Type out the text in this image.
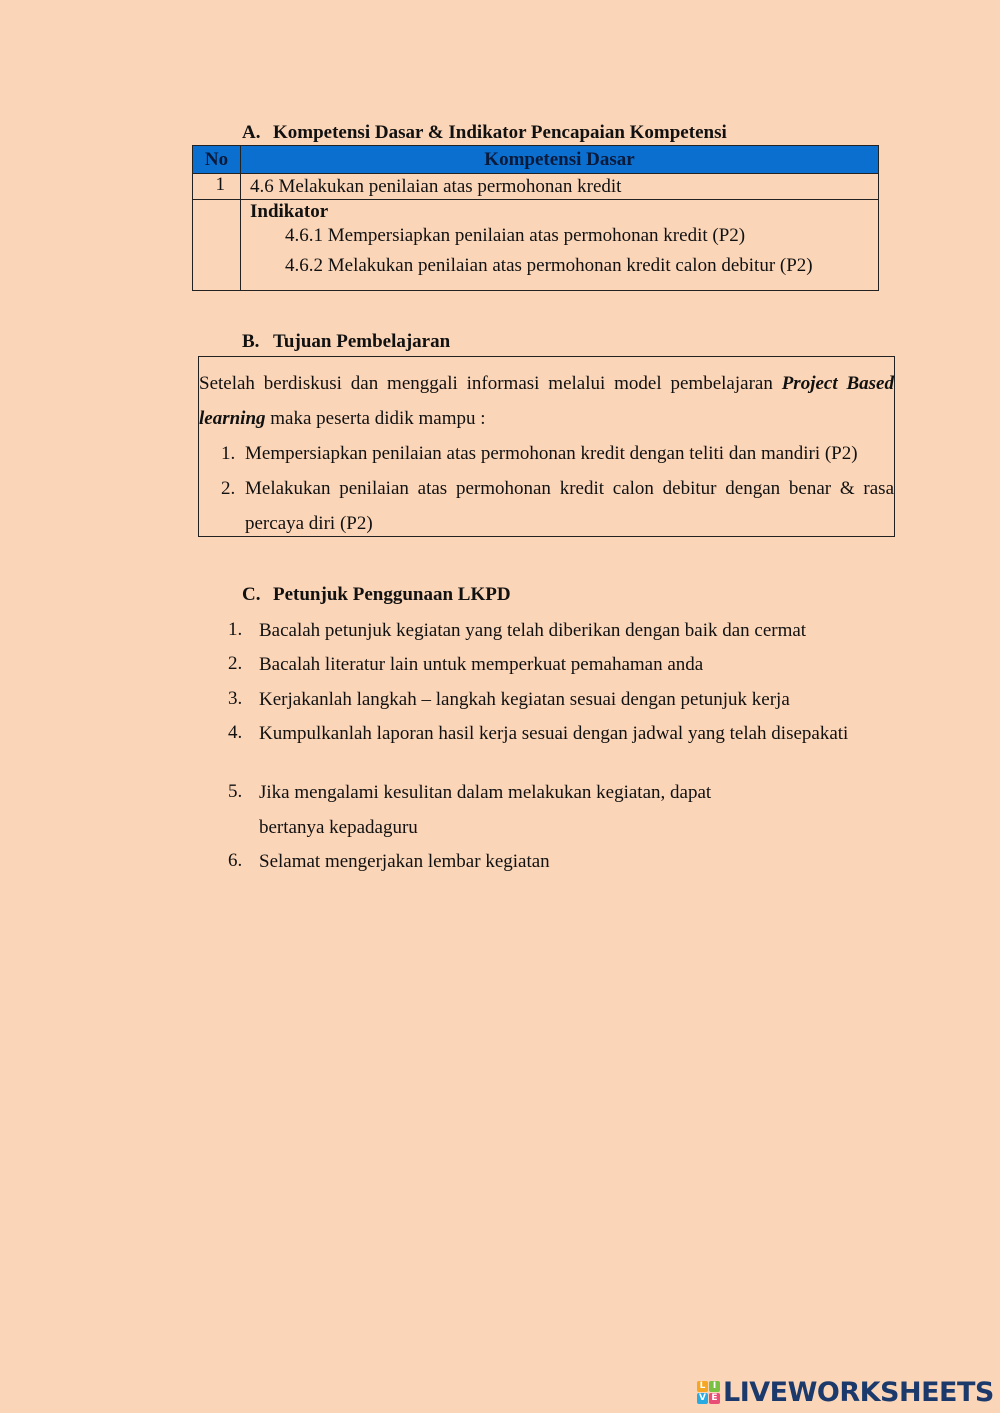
A. Kompetensi Dasar & Indikator Pencapaian Kompetensi
No	Kompetensi Dasar
1	4.6 Melakukan penilaian atas permohonan kredit

	Indikator
4.6.1 Mempersiapkan penilaian atas permohonan kredit (P2)
4.6.2 Melakukan penilaian atas permohonan kredit calon debitur (P2)
B. Tujuan Pembelajaran
Setelah berdiskusi dan menggali informasi melalui model pembelajaran Project Based learning maka peserta didik mampu :
1. Mempersiapkan penilaian atas permohonan kredit dengan teliti dan mandiri (P2)
2. Melakukan penilaian atas permohonan kredit calon debitur dengan benar & rasa percaya diri (P2)
C. Petunjuk Penggunaan LKPD
1. Bacalah petunjuk kegiatan yang telah diberikan dengan baik dan cermat
2. Bacalah literatur lain untuk memperkuat pemahaman anda
3. Kerjakanlah langkah – langkah kegiatan sesuai dengan petunjuk kerja
4. Kumpulkanlah laporan hasil kerja sesuai dengan jadwal yang telah disepakati
5. Jika mengalami kesulitan dalam melakukan kegiatan, dapat bertanya kepadaguru
6. Selamat mengerjakan lembar kegiatan
L I
V E LIVEWORKSHEETS
